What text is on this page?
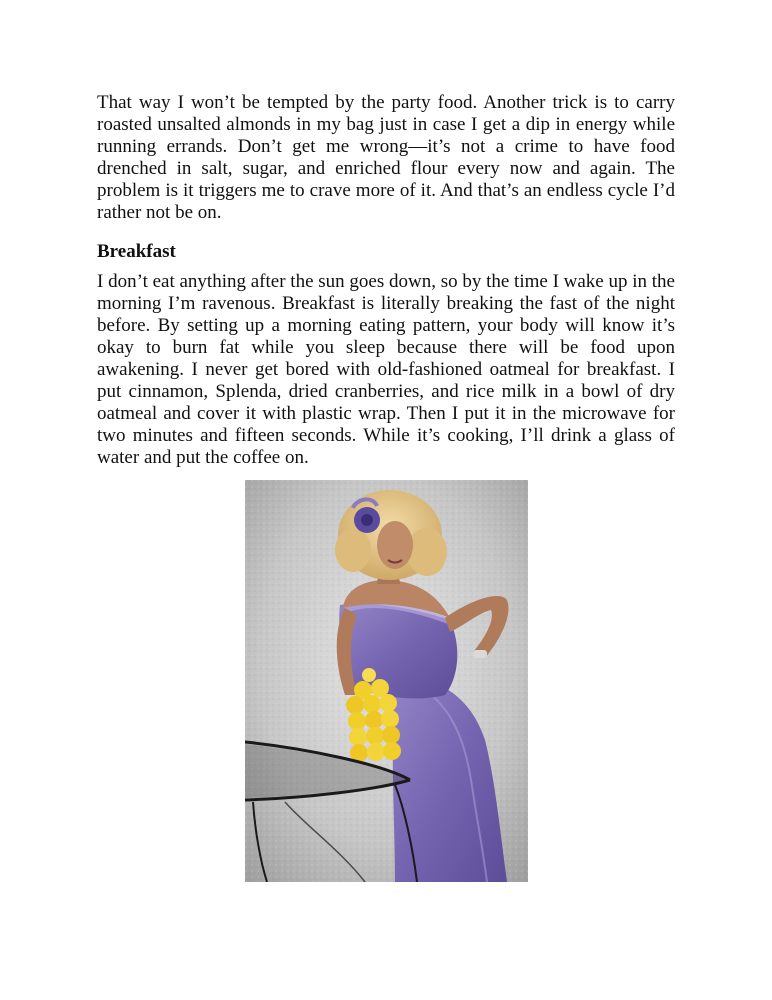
That way I won’t be tempted by the party food. Another trick is to carry roasted unsalted almonds in my bag just in case I get a dip in energy while running errands. Don’t get me wrong—it’s not a crime to have food drenched in salt, sugar, and enriched flour every now and again. The problem is it triggers me to crave more of it. And that’s an endless cycle I’d rather not be on.

Breakfast

I don’t eat anything after the sun goes down, so by the time I wake up in the morning I’m ravenous. Breakfast is literally breaking the fast of the night before. By setting up a morning eating pattern, your body will know it’s okay to burn fat while you sleep because there will be food upon awakening. I never get bored with old-fashioned oatmeal for breakfast. I put cinnamon, Splenda, dried cranberries, and rice milk in a bowl of dry oatmeal and cover it with plastic wrap. Then I put it in the microwave for two minutes and fifteen seconds. While it’s cooking, I’ll drink a glass of water and put the coffee on.
